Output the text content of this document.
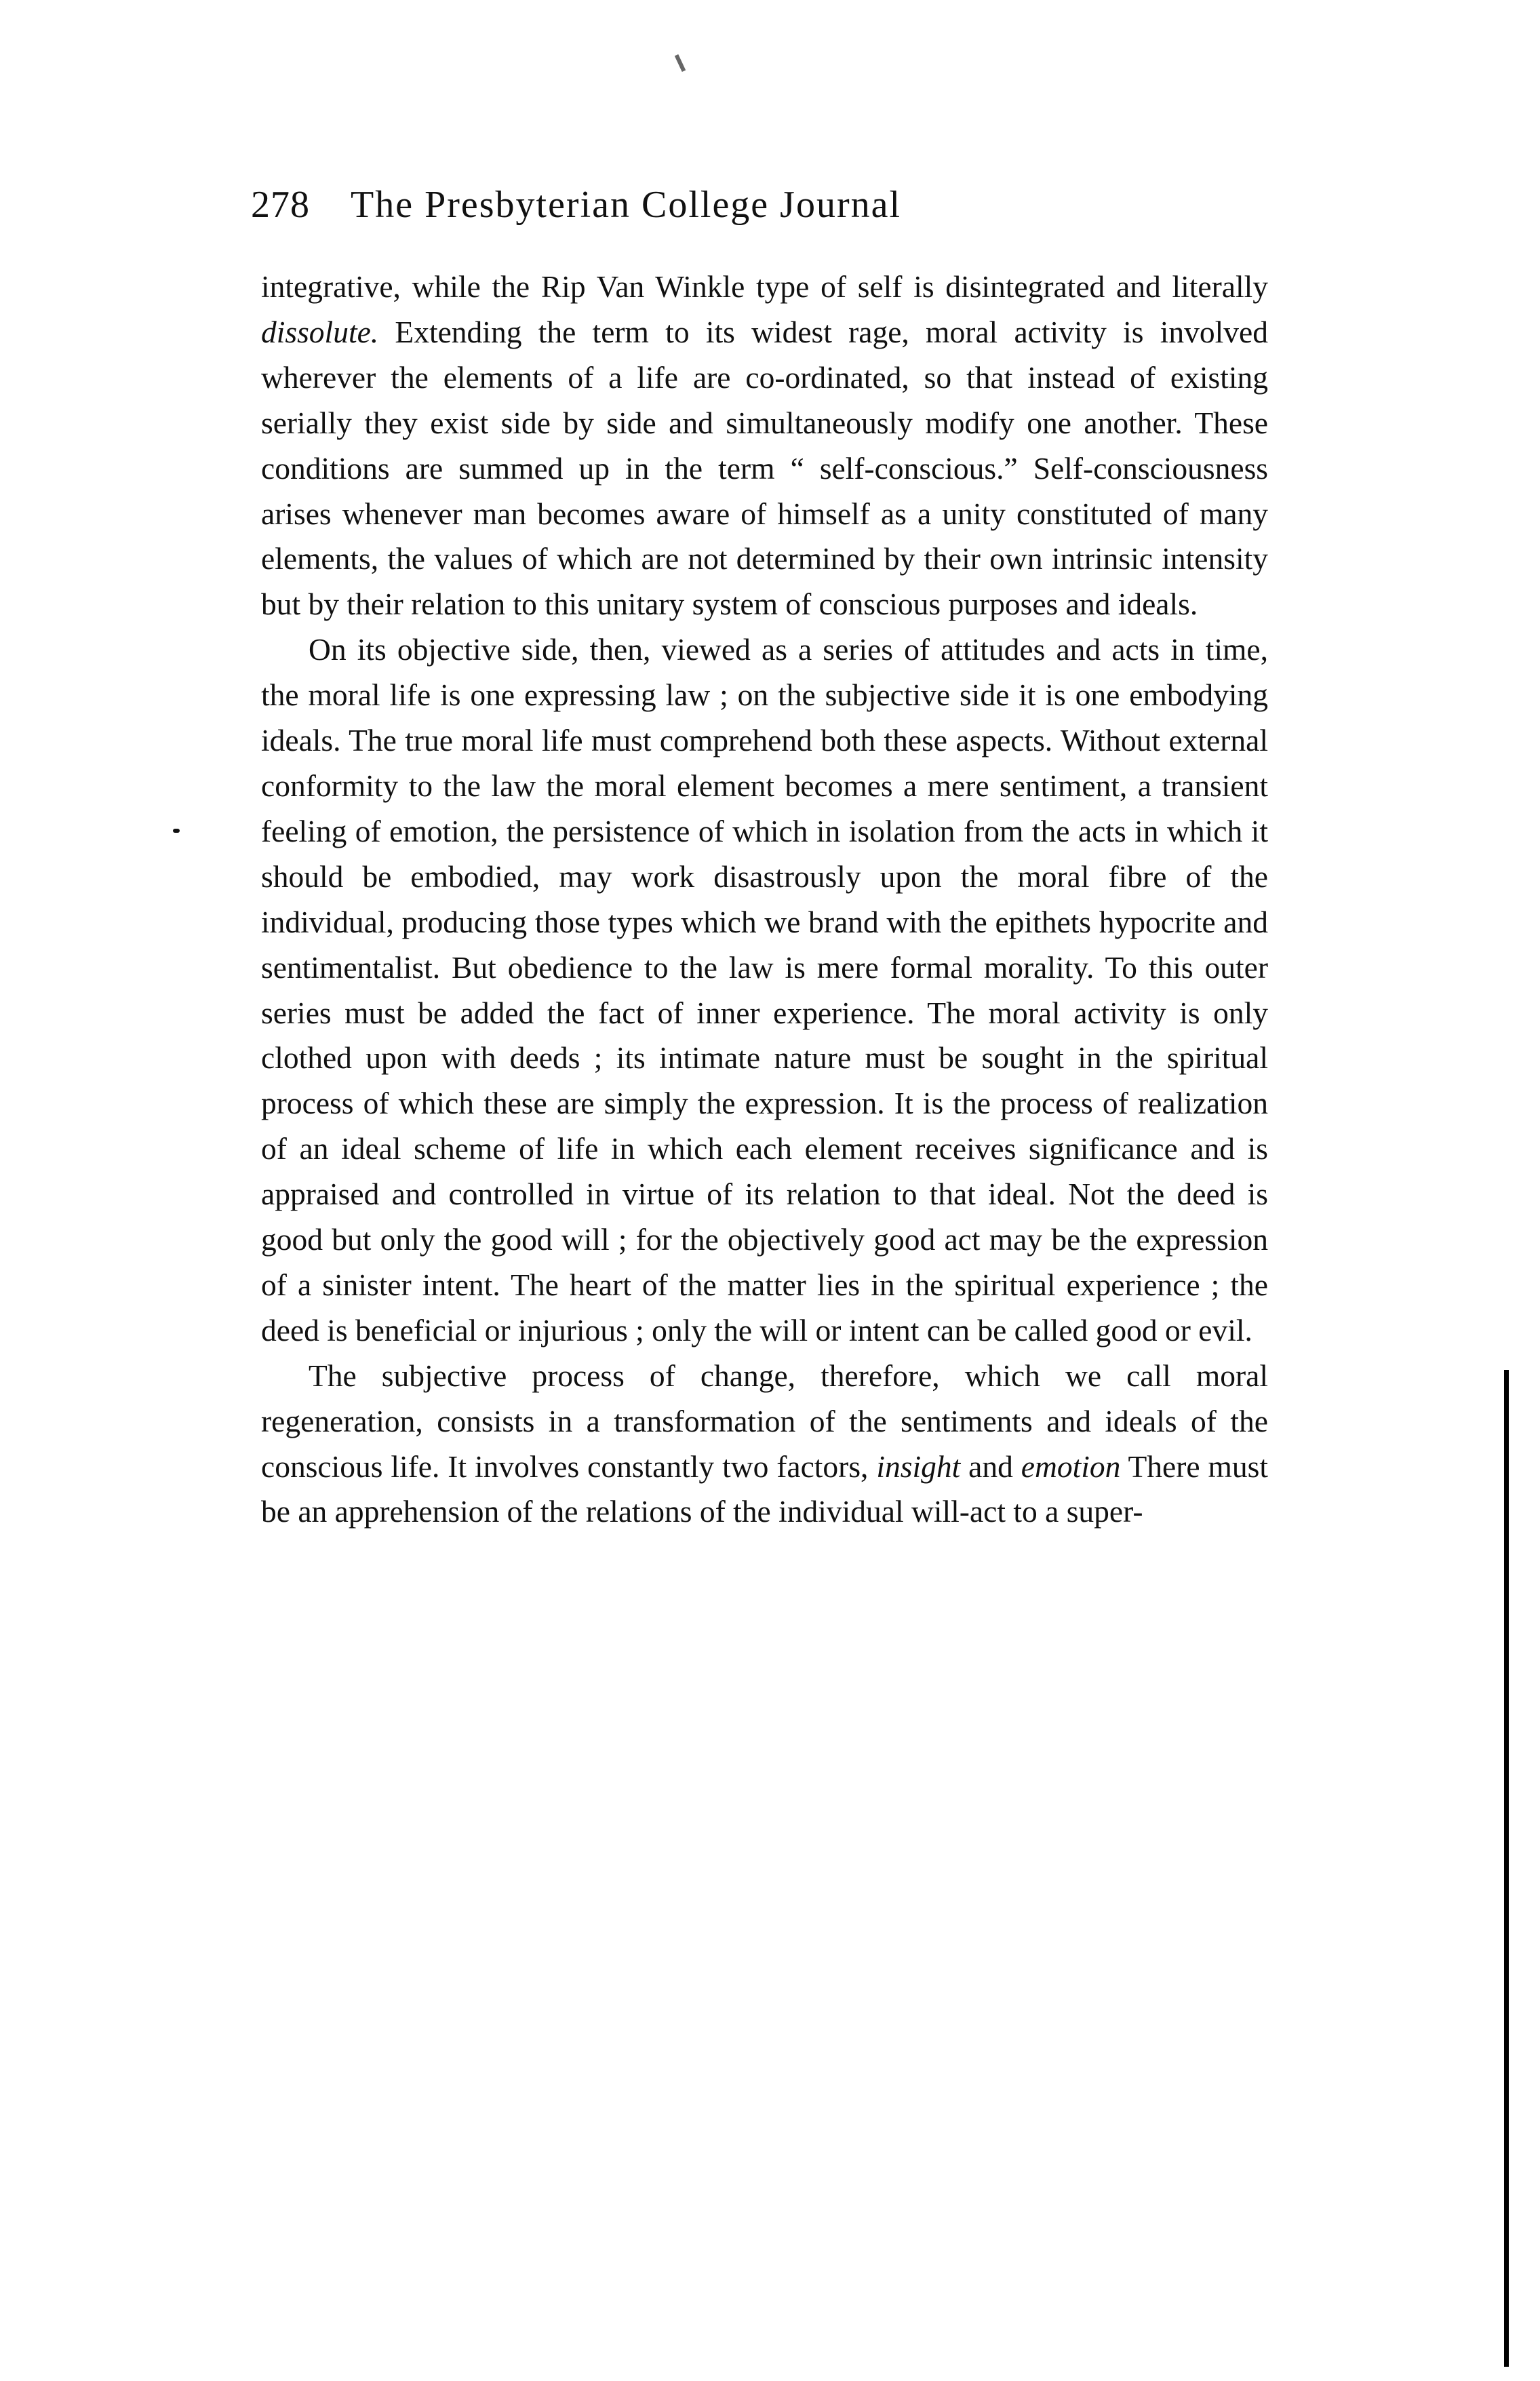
278 The Presbyterian College Journal

integrative, while the Rip Van Winkle type of self is disintegrated and literally dissolute. Extending the term to its widest rage, moral activity is involved wherever the elements of a life are co-ordinated, so that instead of existing serially they exist side by side and simultaneously modify one another. These conditions are summed up in the term “ self-conscious.” Self-consciousness arises whenever man becomes aware of himself as a unity constituted of many elements, the values of which are not determined by their own intrinsic intensity but by their relation to this unitary system of conscious purposes and ideals.

On its objective side, then, viewed as a series of attitudes and acts in time, the moral life is one expressing law ; on the subjective side it is one embodying ideals. The true moral life must comprehend both these aspects. Without external conformity to the law the moral element becomes a mere sentiment, a transient feeling of emotion, the persistence of which in isolation from the acts in which it should be embodied, may work disastrously upon the moral fibre of the individual, producing those types which we brand with the epithets hypocrite and sentimentalist. But obedience to the law is mere formal morality. To this outer series must be added the fact of inner experience. The moral activity is only clothed upon with deeds ; its intimate nature must be sought in the spiritual process of which these are simply the expression. It is the process of realization of an ideal scheme of life in which each element receives significance and is appraised and controlled in virtue of its relation to that ideal. Not the deed is good but only the good will ; for the objectively good act may be the expression of a sinister intent. The heart of the matter lies in the spiritual experience ; the deed is beneficial or injurious ; only the will or intent can be called good or evil.

The subjective process of change, therefore, which we call moral regeneration, consists in a transformation of the sentiments and ideals of the conscious life. It involves constantly two factors, insight and emotion There must be an apprehension of the relations of the individual will-act to a super-
